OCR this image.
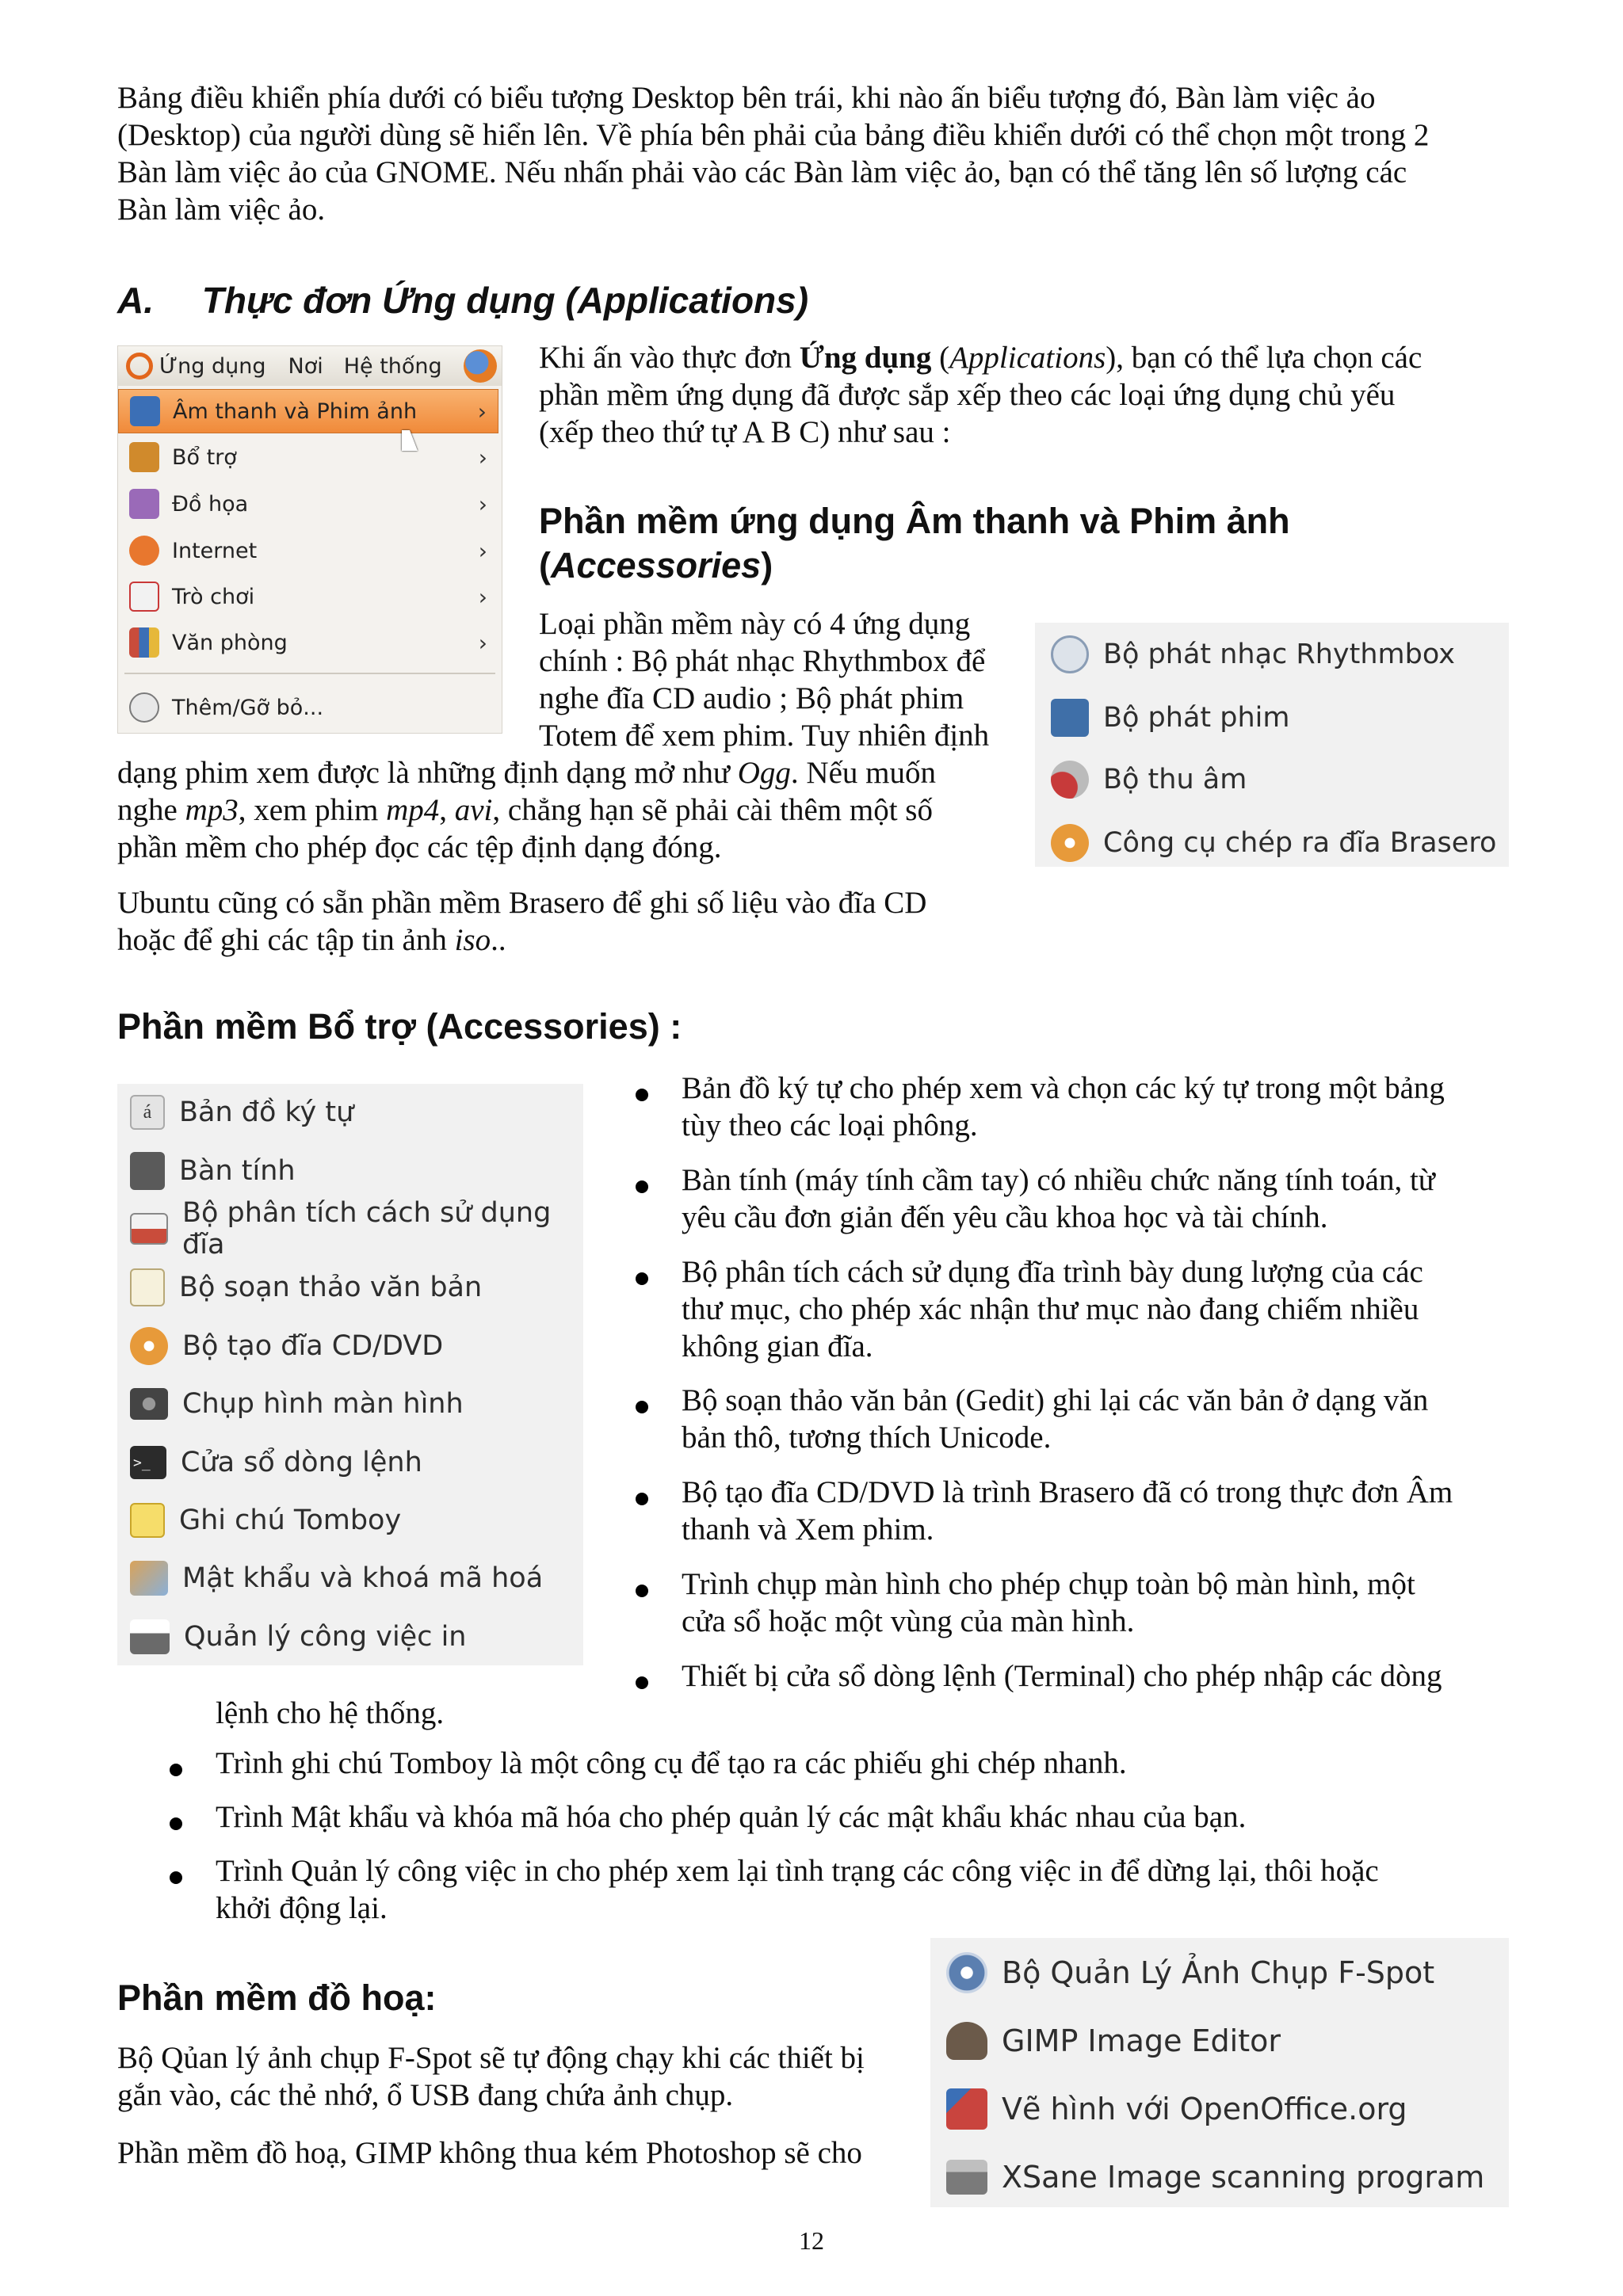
Bảng điều khiển phía dưới có biểu tượng Desktop bên trái, khi nào ấn biểu tượng đó, Bàn làm việc ảo

(Desktop) của người dùng sẽ hiển lên. Về phía bên phải của bảng điều khiển dưới có thể chọn một trong 2

Bàn làm việc ảo của GNOME. Nếu nhấn phải vào các Bàn làm việc ảo, bạn có thể tăng lên số lượng các

Bàn làm việc ảo.

A. Thực đơn Ứng dụng (Applications)
Ứng dụng Nơi Hệ thống
Âm thanh và Phim ảnh	›
Bổ trợ	›
Đồ họa	›
Internet	›
Trò chơi	›
Văn phòng	›
Thêm/Gỡ bỏ...

Khi ấn vào thực đơn Ứng dụng (Applications), bạn có thể lựa chọn các

phần mềm ứng dụng đã được sắp xếp theo các loại ứng dụng chủ yếu

(xếp theo thứ tự A B C) như sau :

Phần mềm ứng dụng Âm thanh và Phim ảnh

(Accessories)

Loại phần mềm này có 4 ứng dụng

chính : Bộ phát nhạc Rhythmbox để

nghe đĩa CD audio ; Bộ phát phim

Totem để xem phim. Tuy nhiên định

dạng phim xem được là những định dạng mở như Ogg. Nếu muốn

nghe mp3, xem phim mp4, avi, chẳng hạn sẽ phải cài thêm một số

phần mềm cho phép đọc các tệp định dạng đóng.

Ubuntu cũng có sẵn phần mềm Brasero để ghi số liệu vào đĩa CD

hoặc để ghi các tập tin ảnh iso..

Bộ phát nhạc Rhythmbox
Bộ phát phim
Bộ thu âm
Công cụ chép ra đĩa Brasero
Phần mềm Bổ trợ (Accessories) :
á Bản đồ ký tự
Bàn tính
Bộ phân tích cách sử dụng đĩa
Bộ soạn thảo văn bản
Bộ tạo đĩa CD/DVD
Chụp hình màn hình
>_	Cửa sổ dòng lệnh
Ghi chú Tomboy
Mật khẩu và khoá mã hoá
Quản lý công việc in

Bản đồ ký tự cho phép xem và chọn các ký tự trong một bảng

tùy theo các loại phông.

Bàn tính (máy tính cầm tay) có nhiều chức năng tính toán, từ

yêu cầu đơn giản đến yêu cầu khoa học và tài chính.

Bộ phân tích cách sử dụng đĩa trình bày dung lượng của các

thư mục, cho phép xác nhận thư mục nào đang chiếm nhiều

không gian đĩa.

Bộ soạn thảo văn bản (Gedit) ghi lại các văn bản ở dạng văn

bản thô, tương thích Unicode.

Bộ tạo đĩa CD/DVD là trình Brasero đã có trong thực đơn Âm

thanh và Xem phim.

Trình chụp màn hình cho phép chụp toàn bộ màn hình, một

cửa sổ hoặc một vùng của màn hình.

Thiết bị cửa sổ dòng lệnh (Terminal) cho phép nhập các dòng

lệnh cho hệ thống.

Trình ghi chú Tomboy là một công cụ để tạo ra các phiếu ghi chép nhanh.

Trình Mật khẩu và khóa mã hóa cho phép quản lý các mật khẩu khác nhau của bạn.

Trình Quản lý công việc in cho phép xem lại tình trạng các công việc in để dừng lại, thôi hoặc

khởi động lại.

Phần mềm đồ hoạ:

Bộ Qủan lý ảnh chụp F-Spot sẽ tự động chạy khi các thiết bị

gắn vào, các thẻ nhớ, ổ USB đang chứa ảnh chụp.

Phần mềm đồ hoạ, GIMP không thua kém Photoshop sẽ cho

Bộ Quản Lý Ảnh Chụp F-Spot
GIMP Image Editor
Vẽ hình với OpenOffice.org
XSane Image scanning program
12
